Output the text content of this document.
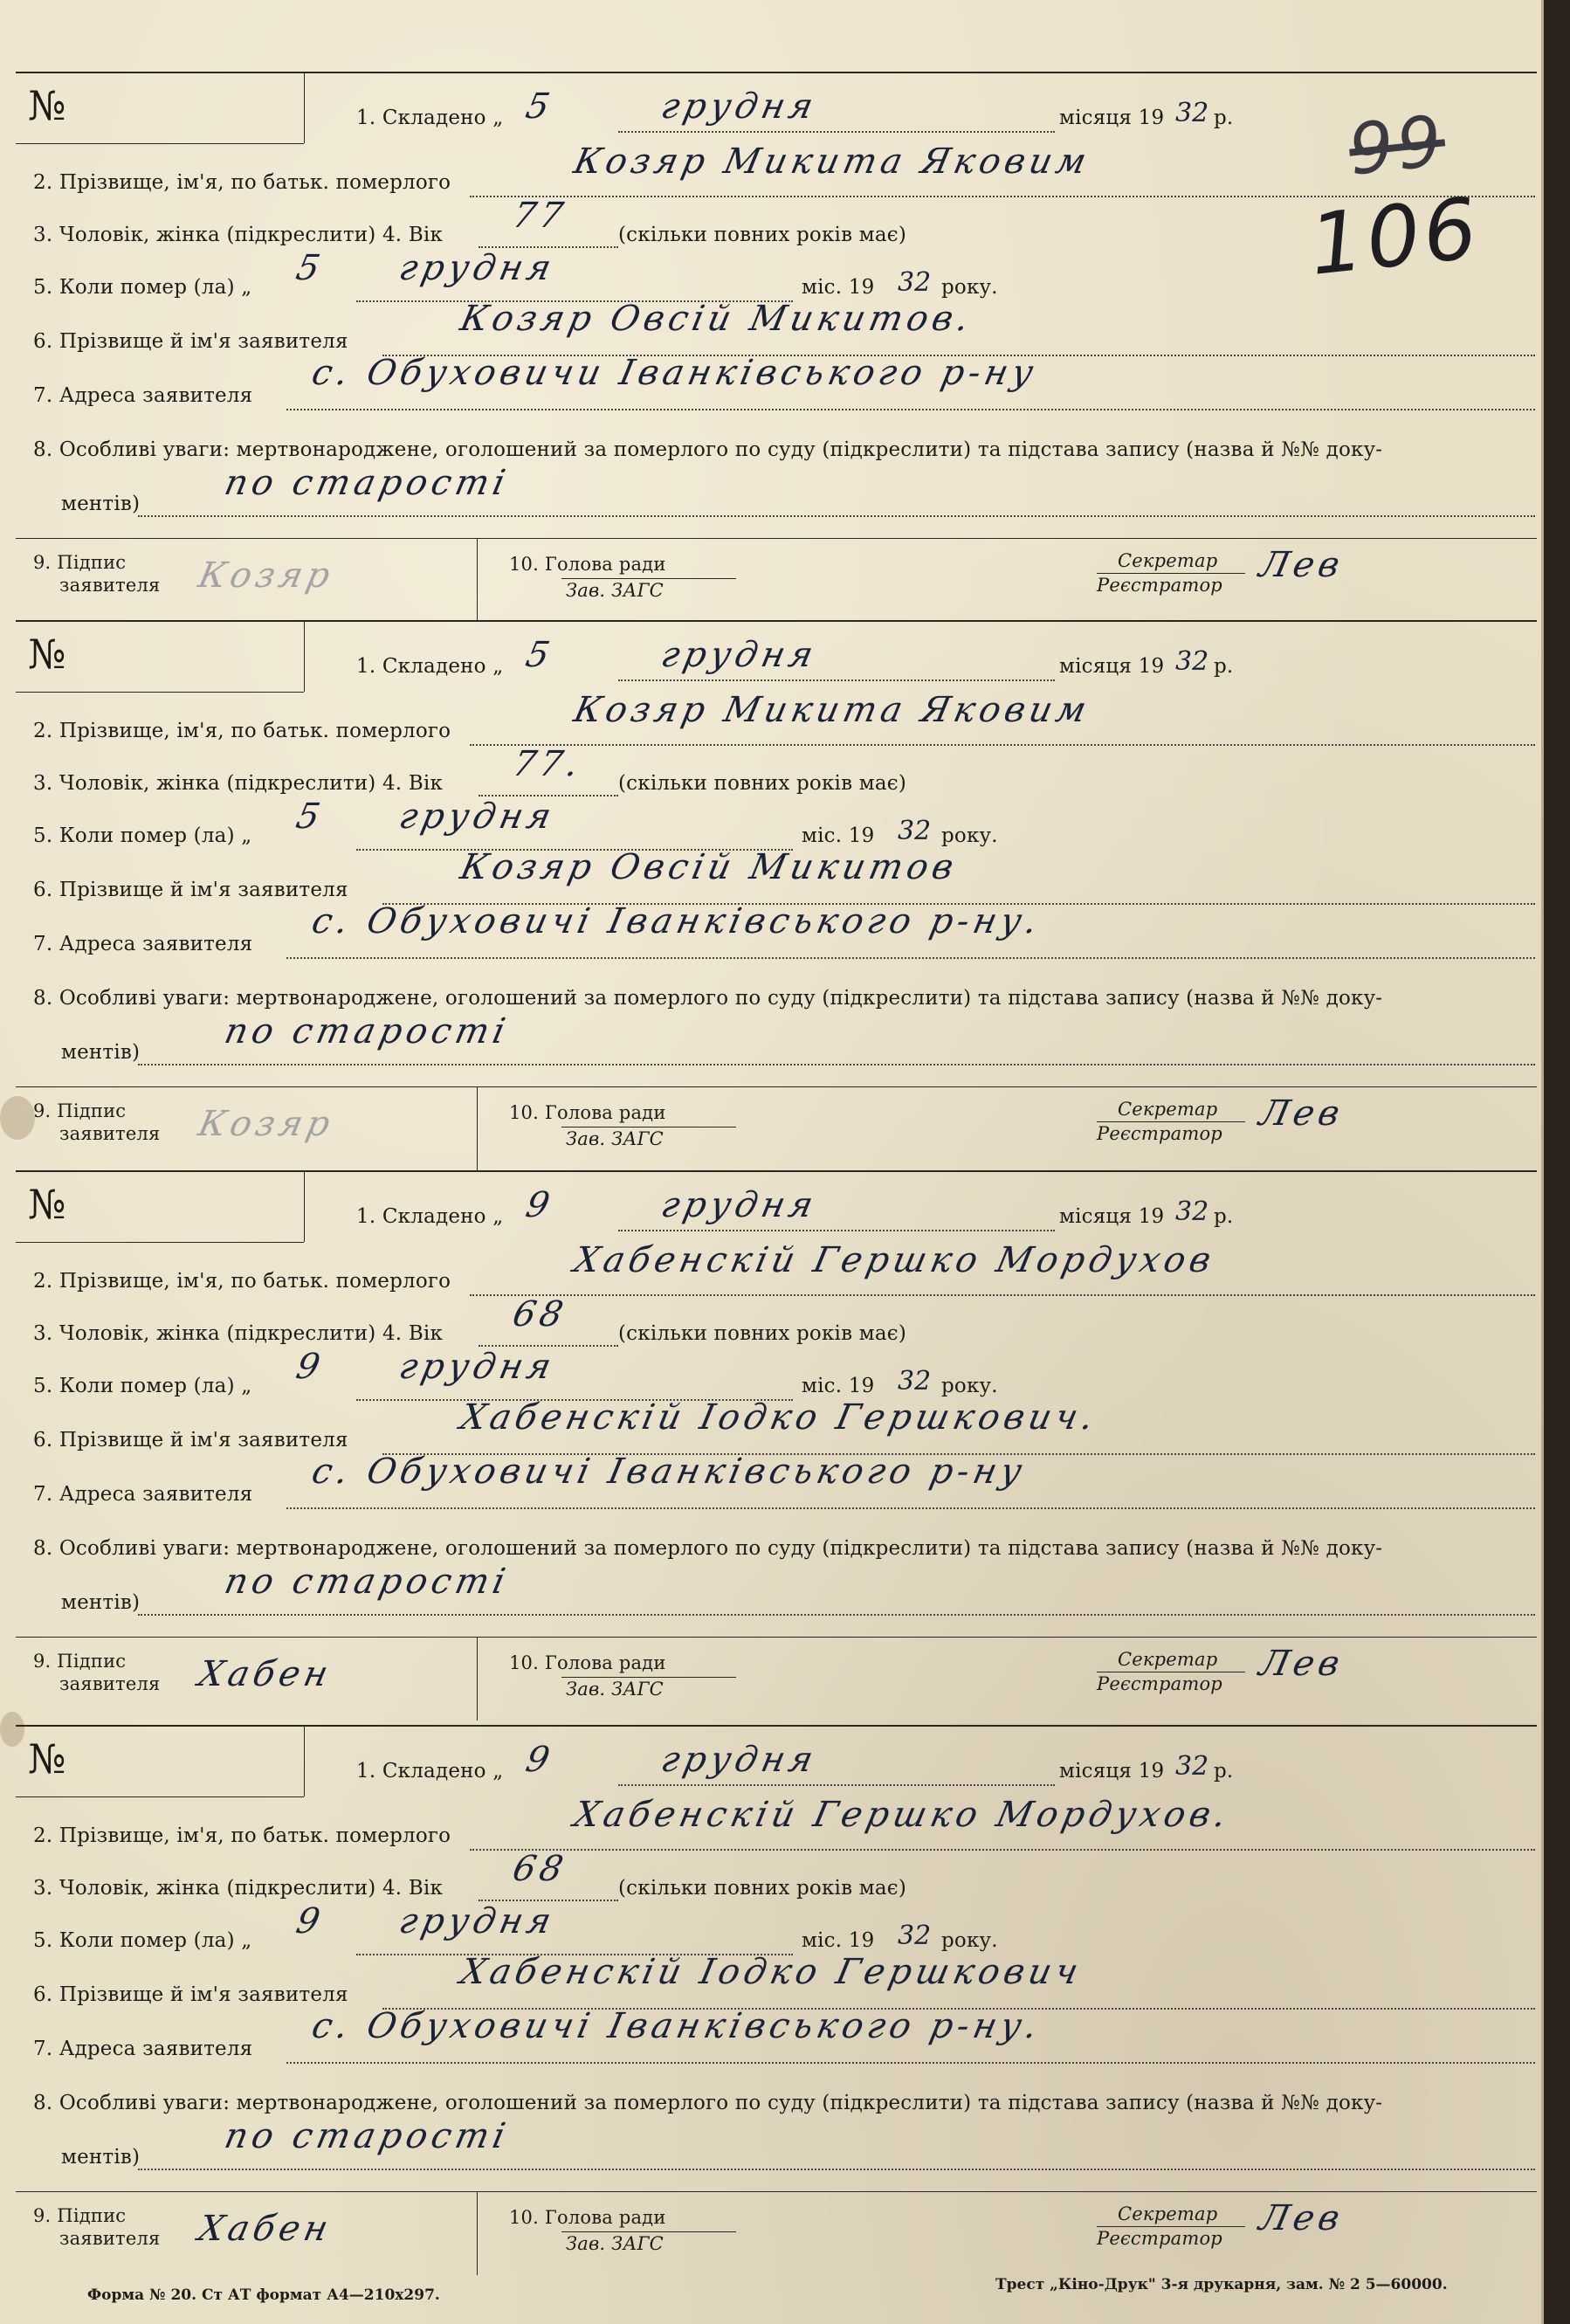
99
106
№	1. Складено „ 5	грудня	місяця 19 32 р.
2. Прізвище, ім'я, по батьк. померлого
Козяр Микита Яковим
3. Чоловік, жінка (підкреслити) 4. Вік 77 (скільки повних років має)
5. Коли помер (ла) „ 5 грудня	міс. 19 32 року.
6. Прізвище й ім'я заявителя
Козяр Овсій Микитов.
7. Адреса заявителя
с. Обуховичи Іванківського р-ну
8. Особливі уваги: мертвонароджене, оголошений за померлого по суду (підкреслити) та підстава запису (назва й №№ доку-
ментів)
по старості
9. Підпис
заявителя Козяр	10. Голова ради
Зав. ЗАГС
Секретар
Реєстратор Лев
№	1. Складено „ 5	грудня	місяця 19 32 р.
2. Прізвище, ім'я, по батьк. померлого
Козяр Микита Яковим
3. Чоловік, жінка (підкреслити) 4. Вік 77. (скільки повних років має)
5. Коли помер (ла) „ 5 грудня	міс. 19 32 року.
6. Прізвище й ім'я заявителя
Козяр Овсій Микитов
7. Адреса заявителя
с. Обуховичі Іванківського р-ну.
8. Особливі уваги: мертвонароджене, оголошений за померлого по суду (підкреслити) та підстава запису (назва й №№ доку-
ментів)
по старості
9. Підпис
заявителя Козяр	10. Голова ради
Зав. ЗАГС
Секретар
Реєстратор Лев
№	1. Складено „ 9	грудня	місяця 19 32 р.
2. Прізвище, ім'я, по батьк. померлого
Хабенскій Гершко Мордухов
3. Чоловік, жінка (підкреслити) 4. Вік 68 (скільки повних років має)
5. Коли помер (ла) „ 9 грудня	міс. 19 32 року.
6. Прізвище й ім'я заявителя
Хабенскій Іодко Гершкович.
7. Адреса заявителя
с. Обуховичі Іванківського р-ну
8. Особливі уваги: мертвонароджене, оголошений за померлого по суду (підкреслити) та підстава запису (назва й №№ доку-
ментів)
по старості
9. Підпис
заявителя Хабен	10. Голова ради
Зав. ЗАГС
Секретар
Реєстратор Лев
№	1. Складено „ 9	грудня	місяця 19 32 р.
2. Прізвище, ім'я, по батьк. померлого
Хабенскій Гершко Мордухов.
3. Чоловік, жінка (підкреслити) 4. Вік 68 (скільки повних років має)
5. Коли помер (ла) „ 9 грудня	міс. 19 32 року.
6. Прізвище й ім'я заявителя
Хабенскій Іодко Гершкович
7. Адреса заявителя
с. Обуховичі Іванківського р-ну.
8. Особливі уваги: мертвонароджене, оголошений за померлого по суду (підкреслити) та підстава запису (назва й №№ доку-
ментів)
по старості
9. Підпис
заявителя Хабен	10. Голова ради
Зав. ЗАГС
Секретар
Реєстратор Лев
Форма № 20. Ст АТ формат А4—210х297.
Трест „Кіно-Друк" 3-я друкарня, зам. № 2 5—60000.
